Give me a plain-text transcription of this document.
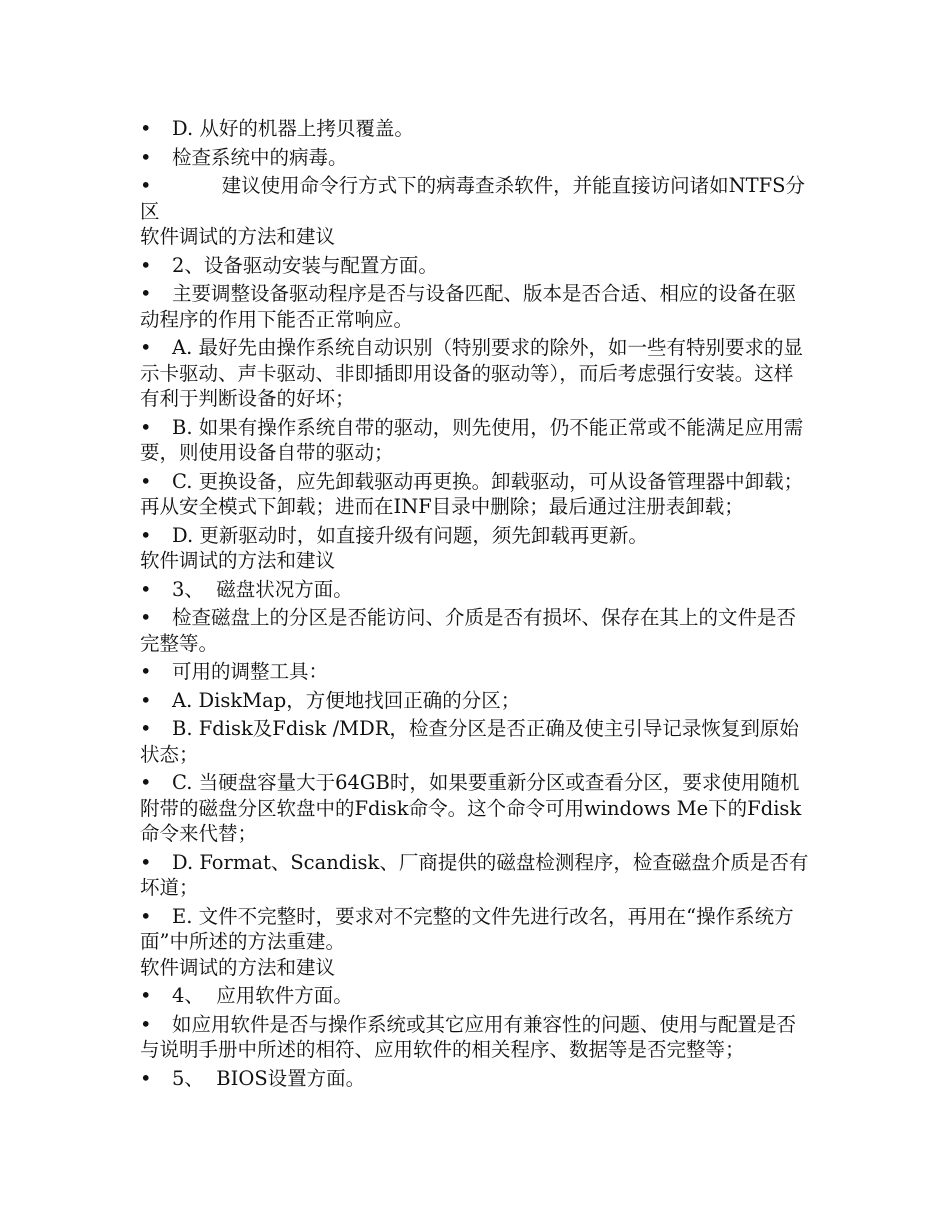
• D. 从好的机器上拷贝覆盖。
• 检查系统中的病毒。
•        建议使用命令行方式下的病毒查杀软件，并能直接访问诸如NTFS分区
软件调试的方法和建议
• 2、设备驱动安装与配置方面。
• 主要调整设备驱动程序是否与设备匹配、版本是否合适、相应的设备在驱动程序的作用下能否正常响应。
• A. 最好先由操作系统自动识别（特别要求的除外，如一些有特别要求的显示卡驱动、声卡驱动、非即插即用设备的驱动等），而后考虑强行安装。这样有利于判断设备的好坏；
• B. 如果有操作系统自带的驱动，则先使用，仍不能正常或不能满足应用需要，则使用设备自带的驱动；
• C. 更换设备，应先卸载驱动再更换。卸载驱动，可从设备管理器中卸载；再从安全模式下卸载；进而在INF目录中删除；最后通过注册表卸载；
• D. 更新驱动时，如直接升级有问题，须先卸载再更新。
软件调试的方法和建议
• 3、  磁盘状况方面。
• 检查磁盘上的分区是否能访问、介质是否有损坏、保存在其上的文件是否完整等。
• 可用的调整工具：
• A. DiskMap，方便地找回正确的分区；
• B. Fdisk及Fdisk /MDR，检查分区是否正确及使主引导记录恢复到原始状态；
• C. 当硬盘容量大于64GB时，如果要重新分区或查看分区，要求使用随机附带的磁盘分区软盘中的Fdisk命令。这个命令可用windows Me下的Fdisk命令来代替；
• D. Format、Scandisk、厂商提供的磁盘检测程序，检查磁盘介质是否有坏道；
• E. 文件不完整时，要求对不完整的文件先进行改名，再用在“操作系统方面”中所述的方法重建。
软件调试的方法和建议
• 4、  应用软件方面。
• 如应用软件是否与操作系统或其它应用有兼容性的问题、使用与配置是否与说明手册中所述的相符、应用软件的相关程序、数据等是否完整等；
• 5、  BIOS设置方面。
